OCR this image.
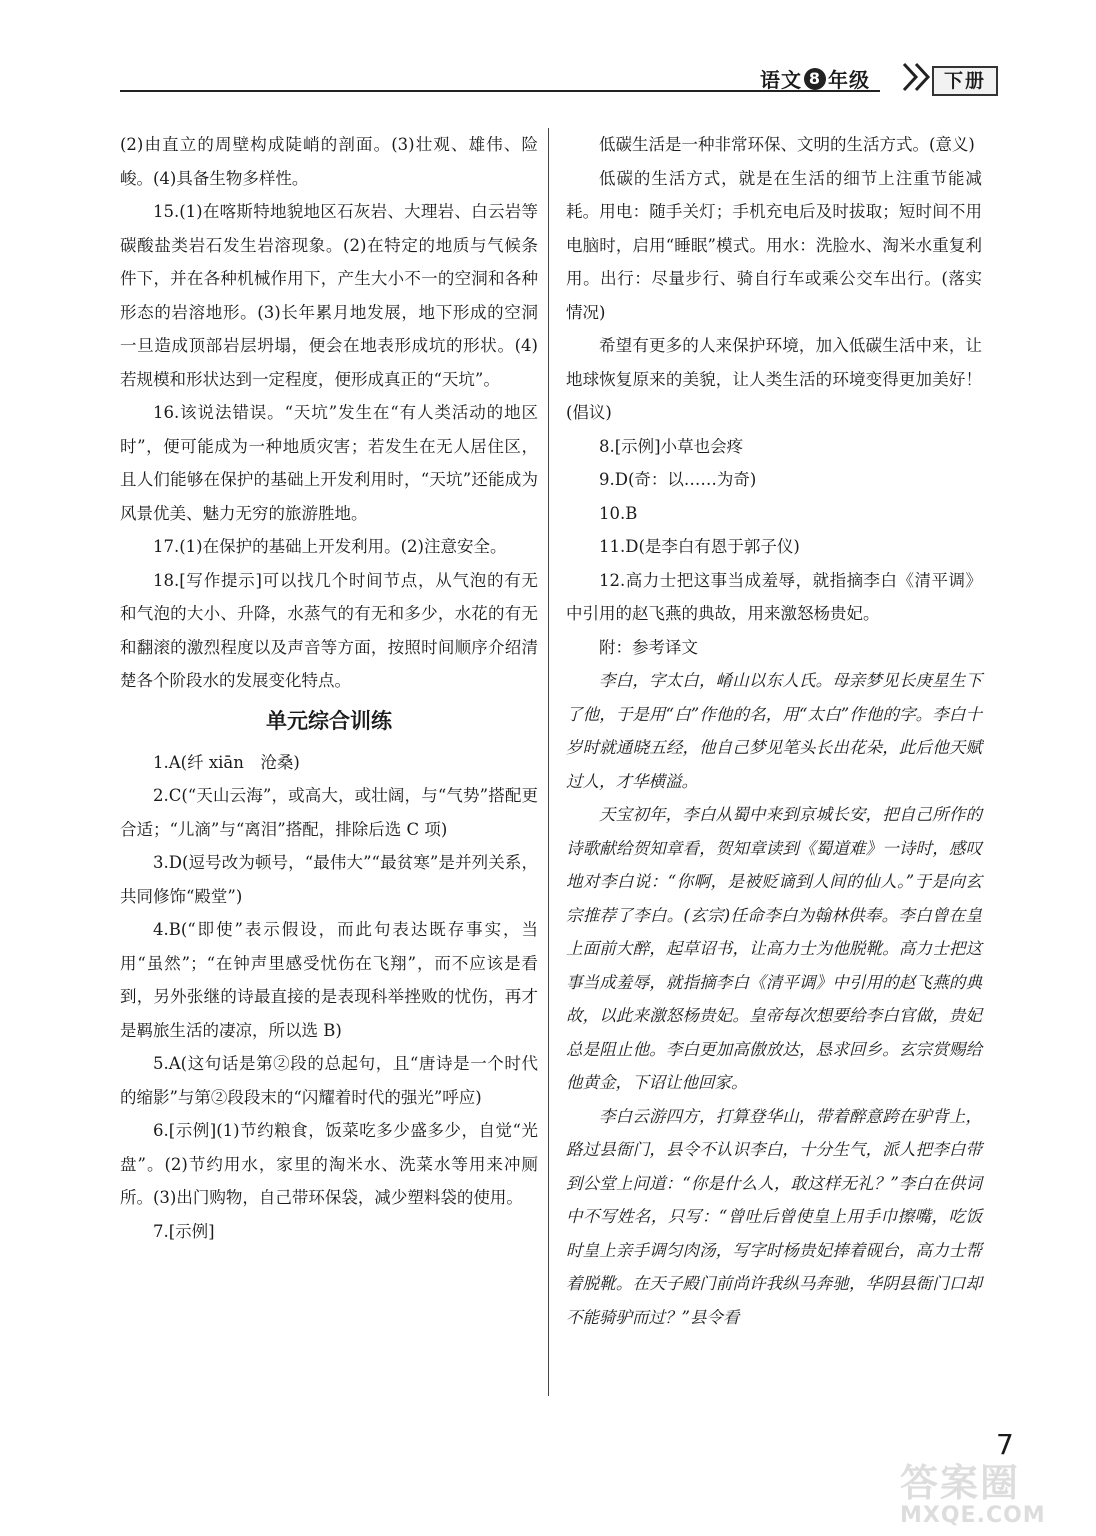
语文 8 年级	下册

(2)由直立的周壁构成陡峭的剖面。(3)壮观、雄伟、险峻。(4)具备生物多样性。

15.(1)在喀斯特地貌地区石灰岩、大理岩、白云岩等碳酸盐类岩石发生岩溶现象。(2)在特定的地质与气候条件下，并在各种机械作用下，产生大小不一的空洞和各种形态的岩溶地形。(3)长年累月地发展，地下形成的空洞一旦造成顶部岩层坍塌，便会在地表形成坑的形状。(4)若规模和形状达到一定程度，便形成真正的“天坑”。

16.该说法错误。“天坑”发生在“有人类活动的地区时”，便可能成为一种地质灾害；若发生在无人居住区，且人们能够在保护的基础上开发利用时，“天坑”还能成为风景优美、魅力无穷的旅游胜地。

17.(1)在保护的基础上开发利用。(2)注意安全。

18.[写作提示]可以找几个时间节点，从气泡的有无和气泡的大小、升降，水蒸气的有无和多少，水花的有无和翻滚的激烈程度以及声音等方面，按照时间顺序介绍清楚各个阶段水的发展变化特点。

单元综合训练

1.A(纤 xiān　沧桑)

2.C(“天山云海”，或高大，或壮阔，与“气势”搭配更合适；“儿滴”与“离泪”搭配，排除后选 C 项)

3.D(逗号改为顿号，“最伟大”“最贫寒”是并列关系，共同修饰“殿堂”)

4.B(“即使”表示假设，而此句表达既存事实，当用“虽然”；“在钟声里感受忧伤在飞翔”，而不应该是看到，另外张继的诗最直接的是表现科举挫败的忧伤，再才是羁旅生活的凄凉，所以选 B)

5.A(这句话是第②段的总起句，且“唐诗是一个时代的缩影”与第②段段末的“闪耀着时代的强光”呼应)

6.[示例](1)节约粮食，饭菜吃多少盛多少，自觉“光盘”。(2)节约用水，家里的淘米水、洗菜水等用来冲厕所。(3)出门购物，自己带环保袋，减少塑料袋的使用。

7.[示例]

低碳生活是一种非常环保、文明的生活方式。(意义)

低碳的生活方式，就是在生活的细节上注重节能减耗。用电：随手关灯；手机充电后及时拔取；短时间不用电脑时，启用“睡眠”模式。用水：洗脸水、淘米水重复利用。出行：尽量步行、骑自行车或乘公交车出行。(落实情况)

希望有更多的人来保护环境，加入低碳生活中来，让地球恢复原来的美貌，让人类生活的环境变得更加美好！(倡议)

8.[示例]小草也会疼

9.D(奇：以……为奇)

10.B

11.D(是李白有恩于郭子仪)

12.高力士把这事当成羞辱，就指摘李白《清平调》中引用的赵飞燕的典故，用来激怒杨贵妃。

附：参考译文

李白，字太白，崤山以东人氏。母亲梦见长庚星生下了他，于是用“白”作他的名，用“太白”作他的字。李白十岁时就通晓五经，他自己梦见笔头长出花朵，此后他天赋过人，才华横溢。

天宝初年，李白从蜀中来到京城长安，把自己所作的诗歌献给贺知章看，贺知章读到《蜀道难》一诗时，感叹地对李白说：“你啊，是被贬谪到人间的仙人。”于是向玄宗推荐了李白。(玄宗)任命李白为翰林供奉。李白曾在皇上面前大醉，起草诏书，让高力士为他脱靴。高力士把这事当成羞辱，就指摘李白《清平调》中引用的赵飞燕的典故，以此来激怒杨贵妃。皇帝每次想要给李白官做，贵妃总是阻止他。李白更加高傲放达，恳求回乡。玄宗赏赐给他黄金，下诏让他回家。

李白云游四方，打算登华山，带着醉意跨在驴背上，路过县衙门，县令不认识李白，十分生气，派人把李白带到公堂上问道：“你是什么人，敢这样无礼？”李白在供词中不写姓名，只写：“曾吐后曾使皇上用手巾擦嘴，吃饭时皇上亲手调匀肉汤，写字时杨贵妃捧着砚台，高力士帮着脱靴。在天子殿门前尚许我纵马奔驰，华阴县衙门口却不能骑驴而过？”县令看

7
答案圈
MXQE.COM
